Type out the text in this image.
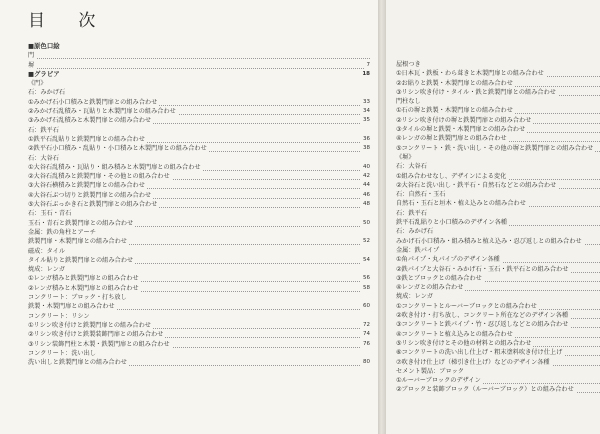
目 次
■原色口絵
門
塀	7
■グラビア	18
《門》
石：みかげ石
①みかげ石小口積みと鉄製門扉との組み合わせ	33
②みかげ石乱積み・瓦貼りと木製門扉との組み合わせ	34
③みかげ石乱積みと木製門扉との組み合わせ	35
石：鉄平石
①鉄平石乱貼りと鉄製門扉との組み合わせ	36
②鉄平石小口積み・乱貼り・小口積みと木製門扉との組み合わせ	38
石：大谷石
①大谷石乱積み・瓦貼り・組み積みと木製門扉との組み合わせ	40
②大谷石乱積みと鉄製門扉・その他との組み合わせ	42
③大谷石横積みと鉄製門扉との組み合わせ	44
④大谷石ぶつ切りと鉄製門扉との組み合わせ	46
⑤大谷石ぶっかき石と鉄製門扉との組み合わせ	48
石：玉石・青石
玉石・青石と鉄製門扉との組み合わせ	50
金属：鉄の角柱とアーチ
鉄製門扉・木製門扉との組み合わせ	52
磁成：タイル
タイル貼りと鉄製門扉との組み合わせ	54
焼成：レンガ
①レンガ積みと鉄製門扉との組み合わせ	56
②レンガ積みと木製門扉との組み合わせ	58
コンクリート：ブロック・打ち放し
鉄製・木製門扉との組み合わせ	60
コンクリート：リシン
①リシン吹き付けと鉄製門扉との組み合わせ	72
②リシン吹き付けと鉄製装飾門扉との組み合わせ	74
③リシン装飾門柱と木製・鉄製門扉との組み合わせ	76
コンクリート：洗い出し
洗い出しと鉄製門扉との組み合わせ	80
屋根つき
①日本瓦・鉄板・わら葺きと木製門扉との組み合わせ
②お貼りと鉄製・木製門扉との組み合わせ
③リシン吹き付け・タイル・鉄と鉄製門扉との組み合わせ
門柱なし
①石の塀と鉄製・木製門扉との組み合わせ
②リシン吹き付けの塀と鉄製門扉との組み合わせ
③タイルの塀と鉄製・木製門扉との組み合わせ
④レンガの塀と鉄製門扉との組み合わせ
⑤コンクリート・鉄・洗い出し・その他の塀と鉄製門扉との組み合わせ
《塀》
石：大谷石
①組み合わせなし、デザインによる変化
②大谷石と洗い出し・鉄平石・自然石などとの組み合わせ
石：自然石・玉石
自然石・玉石と垣木・植え込みとの組み合わせ
石：鉄平石
鉄平石乱貼りと小口積みのデザイン各種
石：みかげ石
みかげ石小口積み・組み積みと植え込み・忍び返しとの組み合わせ
金属：鉄パイプ
①角パイプ・丸パイプのデザイン各種
②鉄パイプと大谷石・みかげ石・玉石・鉄平石との組み合わせ
③鉄とブロックとの組み合わせ
④レンガとの組み合わせ
焼成：レンガ
①コンクリートとルーバーブロックとの組み合わせ
②吹き付け・打ち放し、コンクリート所在などのデザイン各種
③コンクリートと鉄パイプ・竹・忍び返しなどとの組み合わせ
④コンクリートと植え込みとの組み合わせ
⑤リシン吹き付けとその他の材料との組み合わせ
⑥コンクリートの洗い出し仕上げ・粗末塗料吹き付け仕上げ
⑦吹き付け仕上げ（梯引き仕上げ）などのデザイン各種
セメント製品：ブロック
①ルーバーブロックのデザイン
②ブロックと装飾ブロック（ルーバーブロック）との組み合わせ
